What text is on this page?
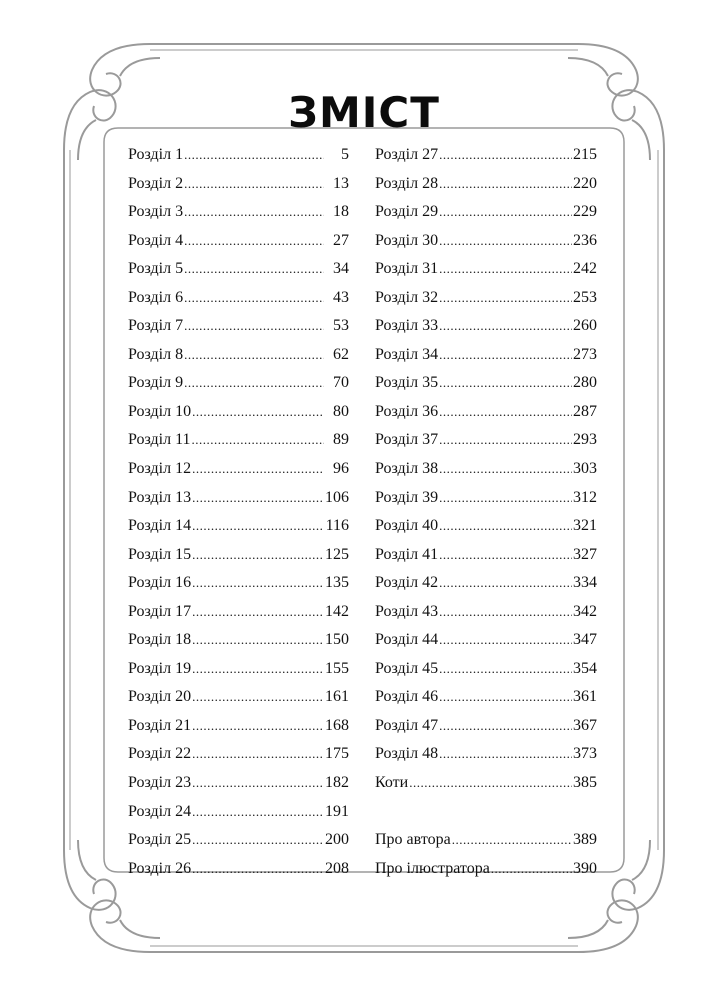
ЗМІСТ
Розділ 1 .....	5
Розділ 2 .....	13
Розділ 3 .....	18
Розділ 4 .....	27
Розділ 5 .....	34
Розділ 6 .....	43
Розділ 7 .....	53
Розділ 8 .....	62
Розділ 9 .....	70
Розділ 10 .....	80
Розділ 11 .....	89
Розділ 12 .....	96
Розділ 13 .....	106
Розділ 14 .....	116
Розділ 15 .....	125
Розділ 16 .....	135
Розділ 17 .....	142
Розділ 18 .....	150
Розділ 19 .....	155
Розділ 20 .....	161
Розділ 21 .....	168
Розділ 22 .....	175
Розділ 23 .....	182
Розділ 24 .....	191
Розділ 25 .....	200
Розділ 26 .....	208
Розділ 27 .....	215
Розділ 28 .....	220
Розділ 29 .....	229
Розділ 30 .....	236
Розділ 31 .....	242
Розділ 32 .....	253
Розділ 33 .....	260
Розділ 34 .....	273
Розділ 35 .....	280
Розділ 36 .....	287
Розділ 37 .....	293
Розділ 38 .....	303
Розділ 39 .....	312
Розділ 40 .....	321
Розділ 41 .....	327
Розділ 42 .....	334
Розділ 43 .....	342
Розділ 44 .....	347
Розділ 45 .....	354
Розділ 46 .....	361
Розділ 47 .....	367
Розділ 48 .....	373
Коти .....	385
Про автора .....	389
Про ілюстратора .....	390
